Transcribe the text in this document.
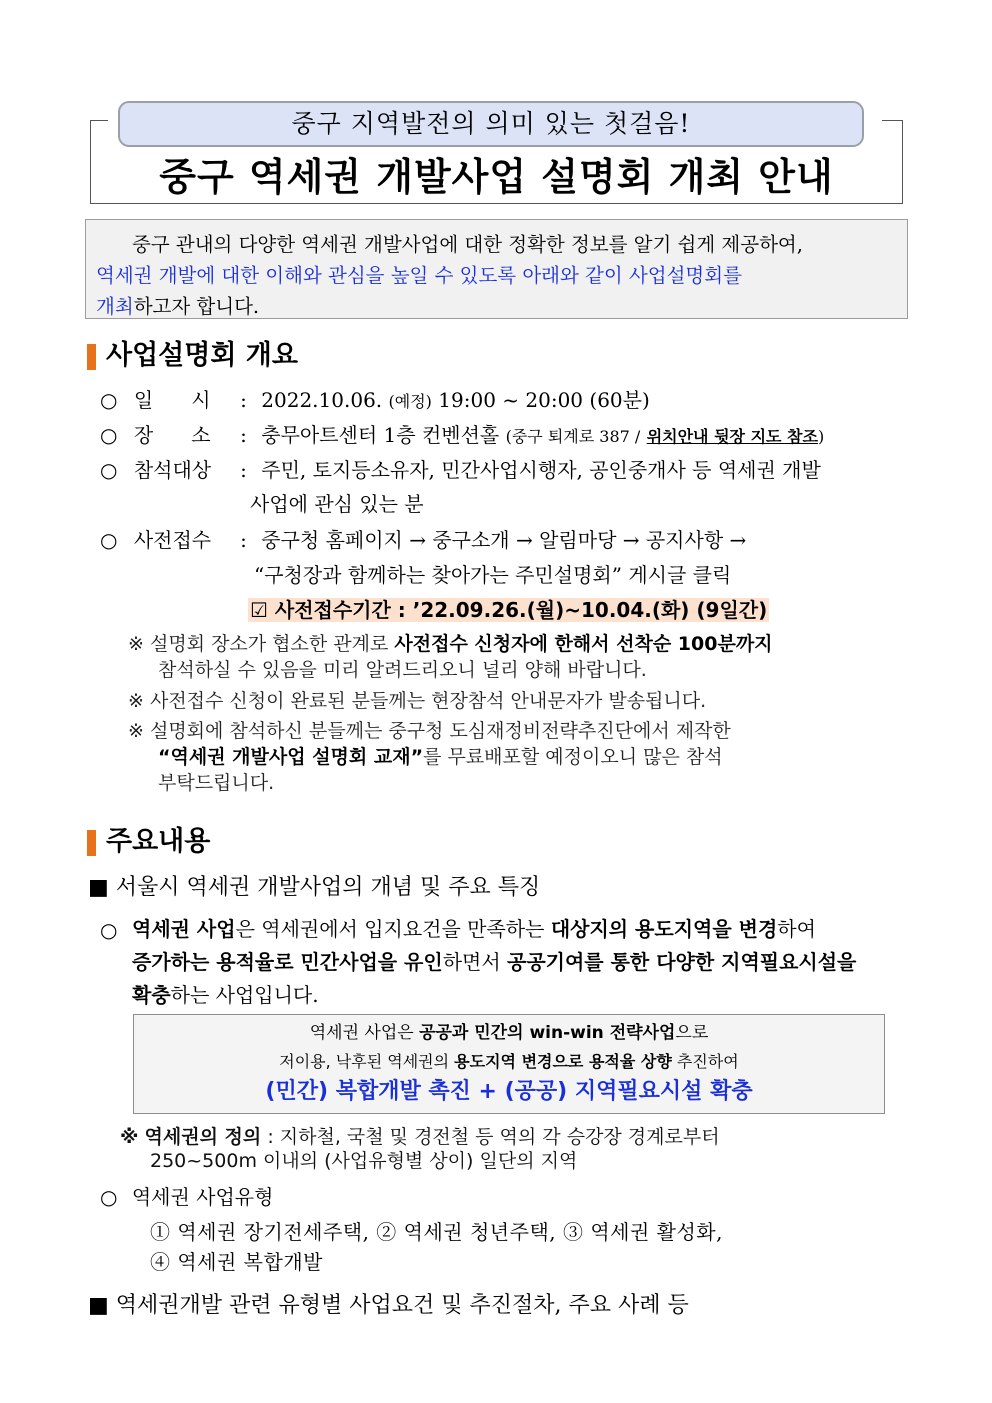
중구 지역발전의 의미 있는 첫걸음!
중구 역세권 개발사업 설명회 개최 안내
중구 관내의 다양한 역세권 개발사업에 대한 정확한 정보를 알기 쉽게 제공하여,
역세권 개발에 대한 이해와 관심을 높일 수 있도록 아래와 같이 사업설명회를
개최하고자 합니다.
사업설명회 개요
○ 일      시 : 2022.10.06. (예정) 19:00 ~ 20:00 (60분)
○ 장      소 : 충무아트센터 1층 컨벤션홀 (중구 퇴계로 387 / 위치안내 뒷장 지도 참조)
○ 참석대상 : 주민, 토지등소유자, 민간사업시행자, 공인중개사 등 역세권 개발
사업에 관심 있는 분
○ 사전접수 : 중구청 홈페이지 → 중구소개 → 알림마당 → 공지사항 →
“구청장과 함께하는 찾아가는 주민설명회” 게시글 클릭
☑ 사전접수기간 : ’22.09.26.(월)~10.04.(화) (9일간)
※ 설명회 장소가 협소한 관계로 사전접수 신청자에 한해서 선착순 100분까지
참석하실 수 있음을 미리 알려드리오니 널리 양해 바랍니다.
※ 사전접수 신청이 완료된 분들께는 현장참석 안내문자가 발송됩니다.
※ 설명회에 참석하신 분들께는 중구청 도심재정비전략추진단에서 제작한
“역세권 개발사업 설명회 교재”를 무료배포할 예정이오니 많은 참석
부탁드립니다.
주요내용
■ 서울시 역세권 개발사업의 개념 및 주요 특징
○ 역세권 사업은 역세권에서 입지요건을 만족하는 대상지의 용도지역을 변경하여
증가하는 용적율로 민간사업을 유인하면서 공공기여를 통한 다양한 지역필요시설을
확충하는 사업입니다.
역세권 사업은 공공과 민간의 win-win 전략사업으로
저이용, 낙후된 역세권의 용도지역 변경으로 용적율 상향 추진하여
(민간) 복합개발 촉진 + (공공) 지역필요시설 확충
※ 역세권의 정의 : 지하철, 국철 및 경전철 등 역의 각 승강장 경계로부터
250~500m 이내의 (사업유형별 상이) 일단의 지역
○ 역세권 사업유형
① 역세권 장기전세주택, ② 역세권 청년주택, ③ 역세권 활성화,
④ 역세권 복합개발
■ 역세권개발 관련 유형별 사업요건 및 추진절차, 주요 사례 등
